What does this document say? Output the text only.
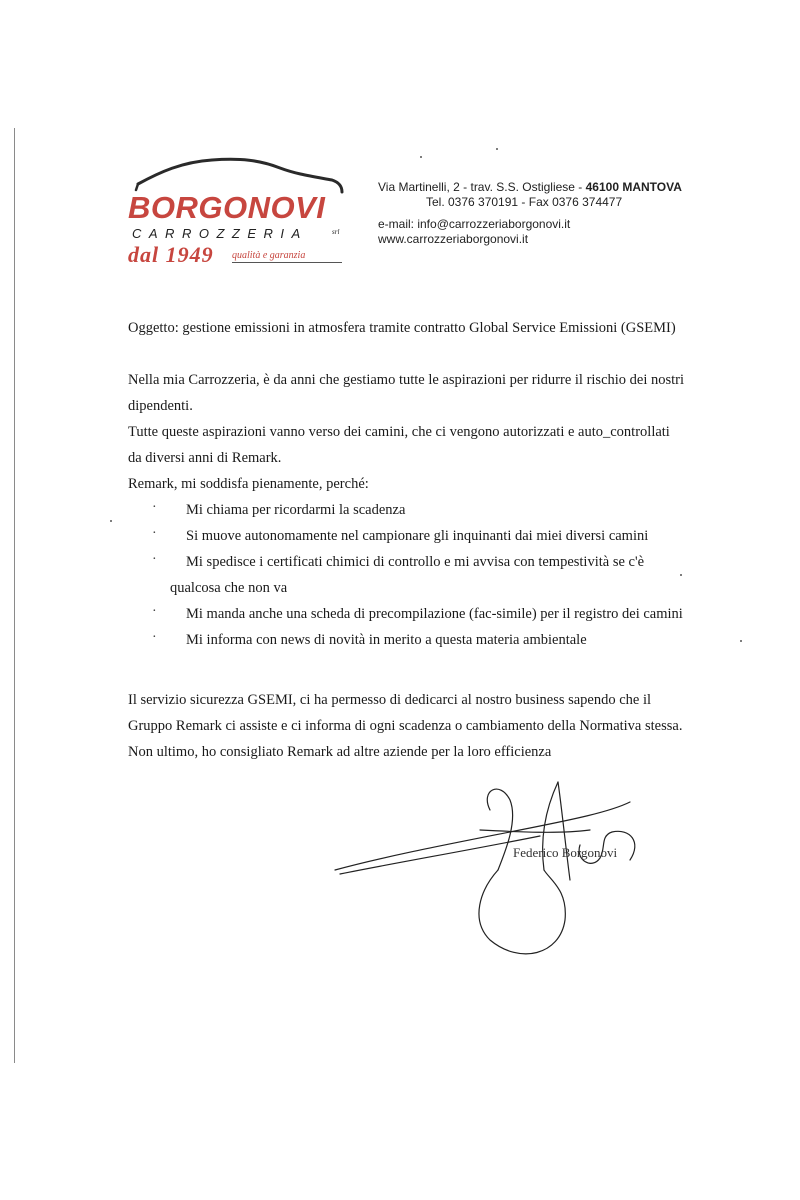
BORGONOVI
CARROZZERIA	srl
dal 1949 qualità e garanzia
Via Martinelli, 2 - trav. S.S. Ostigliese - 46100 MANTOVA
Tel. 0376 370191 - Fax 0376 374477
e-mail: info@carrozzeriaborgonovi.it
www.carrozzeriaborgonovi.it
Oggetto: gestione emissioni in atmosfera tramite contratto Global Service Emissioni (GSEMI)
Nella mia Carrozzeria, è da anni che gestiamo tutte le aspirazioni per ridurre il rischio dei nostri
dipendenti.
Tutte queste aspirazioni vanno verso dei camini, che ci vengono autorizzati e auto_controllati
da diversi anni di Remark.
Remark, mi soddisfa pienamente, perché:
· Mi chiama per ricordarmi la scadenza
· Si muove autonomamente nel campionare gli inquinanti dai miei diversi camini
· Mi spedisce i certificati chimici di controllo e mi avvisa con tempestività se c'è
qualcosa che non va
· Mi manda anche una scheda di precompilazione (fac-simile) per il registro dei camini
· Mi informa con news di novità in merito a questa materia ambientale
Il servizio sicurezza GSEMI, ci ha permesso di dedicarci al nostro business sapendo che il
Gruppo Remark ci assiste e ci informa di ogni scadenza o cambiamento della Normativa stessa.
Non ultimo, ho consigliato Remark ad altre aziende per la loro efficienza
Federico Borgonovi
